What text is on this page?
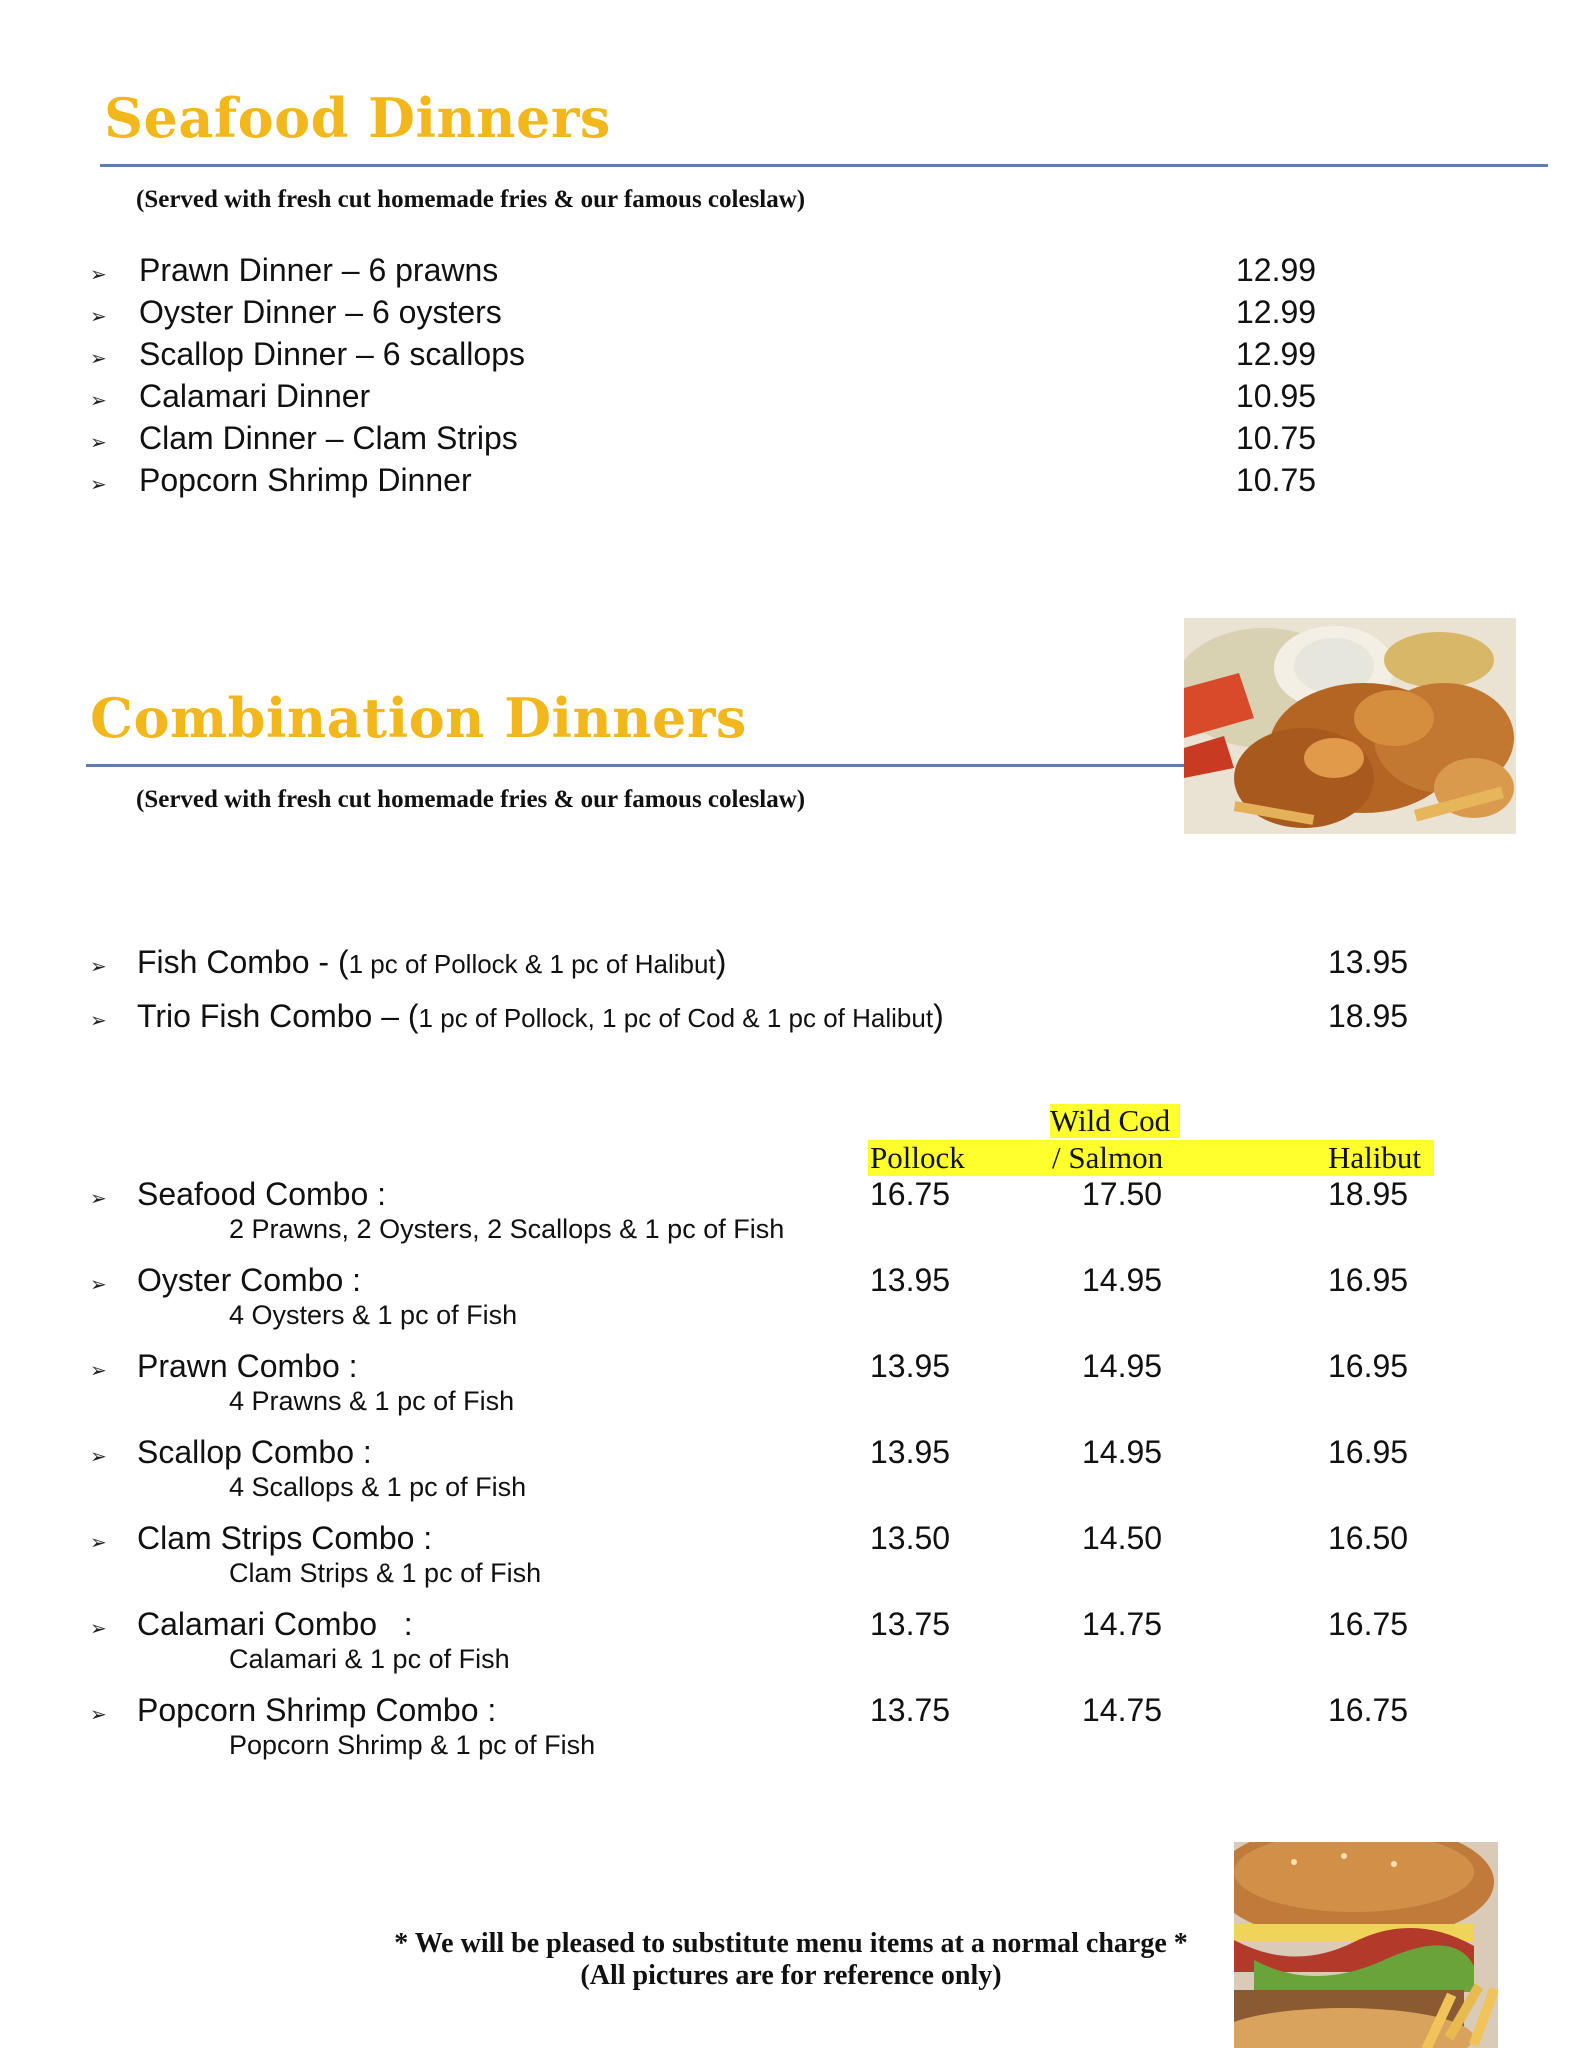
Seafood Dinners
(Served with fresh cut homemade fries & our famous coleslaw)
➢ Prawn Dinner – 6 prawns	12.99
➢ Oyster Dinner – 6 oysters	12.99
➢ Scallop Dinner – 6 scallops	12.99
➢ Calamari Dinner	10.95
➢ Clam Dinner – Clam Strips	10.75
➢ Popcorn Shrimp Dinner	10.75
Combination Dinners
(Served with fresh cut homemade fries & our famous coleslaw)
➢ Fish Combo - (1 pc of Pollock & 1 pc of Halibut)	13.95
➢ Trio Fish Combo – (1 pc of Pollock, 1 pc of Cod & 1 pc of Halibut)	18.95
Wild Cod
Pollock	/ Salmon	Halibut
➢ Seafood Combo :
2 Prawns, 2 Oysters, 2 Scallops & 1 pc of Fish
16.75	17.50	18.95
➢ Oyster Combo :
4 Oysters & 1 pc of Fish
13.95	14.95	16.95
➢ Prawn Combo :
4 Prawns & 1 pc of Fish
13.95	14.95	16.95
➢ Scallop Combo :
4 Scallops & 1 pc of Fish
13.95	14.95	16.95
➢ Clam Strips Combo :
Clam Strips & 1 pc of Fish
13.50	14.50	16.50
➢ Calamari Combo   :
Calamari & 1 pc of Fish
13.75	14.75	16.75
➢ Popcorn Shrimp Combo :
Popcorn Shrimp & 1 pc of Fish
13.75	14.75	16.75
* We will be pleased to substitute menu items at a normal charge *
(All pictures are for reference only)
